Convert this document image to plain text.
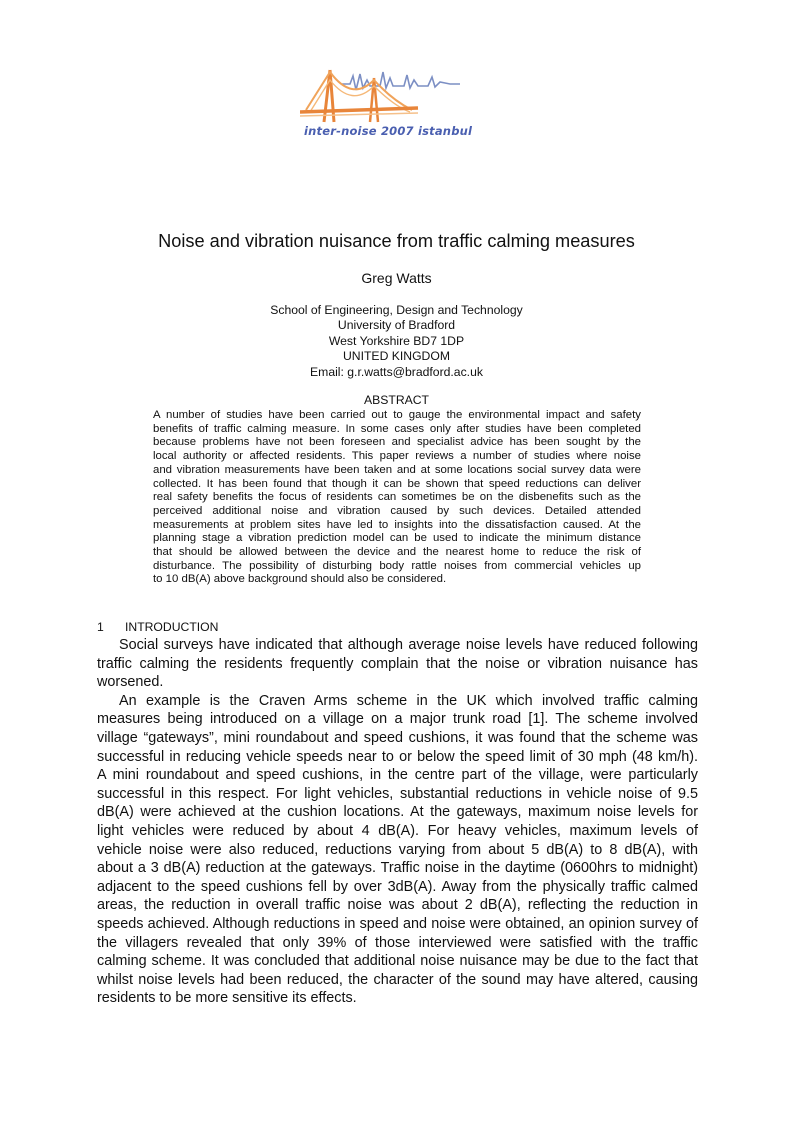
inter-noise 2007 istanbul
Noise and vibration nuisance from traffic calming measures
Greg Watts
School of Engineering, Design and Technology
University of Bradford
West Yorkshire BD7 1DP
UNITED KINGDOM
Email: g.r.watts@bradford.ac.uk
ABSTRACT
A number of studies have been carried out to gauge the environmental impact and safety
benefits of traffic calming measure. In some cases only after studies have been completed
because problems have not been foreseen and specialist advice has been sought by the
local authority or affected residents. This paper reviews a number of studies where noise
and vibration measurements have been taken and at some locations social survey data were
collected. It has been found that though it can be shown that speed reductions can deliver
real safety benefits the focus of residents can sometimes be on the disbenefits such as the
perceived additional noise and vibration caused by such devices. Detailed attended
measurements at problem sites have led to insights into the dissatisfaction caused. At the
planning stage a vibration prediction model can be used to indicate the minimum distance
that should be allowed between the device and the nearest home to reduce the risk of
disturbance. The possibility of disturbing body rattle noises from commercial vehicles up
to 10 dB(A) above background should also be considered.
1 INTRODUCTION
Social surveys have indicated that although average noise levels have reduced following
traffic calming the residents frequently complain that the noise or vibration nuisance has
worsened.
An example is the Craven Arms scheme in the UK which involved traffic calming
measures being introduced on a village on a major trunk road [1]. The scheme involved
village “gateways”, mini roundabout and speed cushions, it was found that the scheme was
successful in reducing vehicle speeds near to or below the speed limit of 30 mph (48 km/h).
A mini roundabout and speed cushions, in the centre part of the village, were particularly
successful in this respect. For light vehicles, substantial reductions in vehicle noise of 9.5
dB(A) were achieved at the cushion locations. At the gateways, maximum noise levels for
light vehicles were reduced by about 4 dB(A). For heavy vehicles, maximum levels of
vehicle noise were also reduced, reductions varying from about 5 dB(A) to 8 dB(A), with
about a 3 dB(A) reduction at the gateways. Traffic noise in the daytime (0600hrs to midnight)
adjacent to the speed cushions fell by over 3dB(A). Away from the physically traffic calmed
areas, the reduction in overall traffic noise was about 2 dB(A), reflecting the reduction in
speeds achieved. Although reductions in speed and noise were obtained, an opinion survey of
the villagers revealed that only 39% of those interviewed were satisfied with the traffic
calming scheme. It was concluded that additional noise nuisance may be due to the fact that
whilst noise levels had been reduced, the character of the sound may have altered, causing
residents to be more sensitive its effects.
